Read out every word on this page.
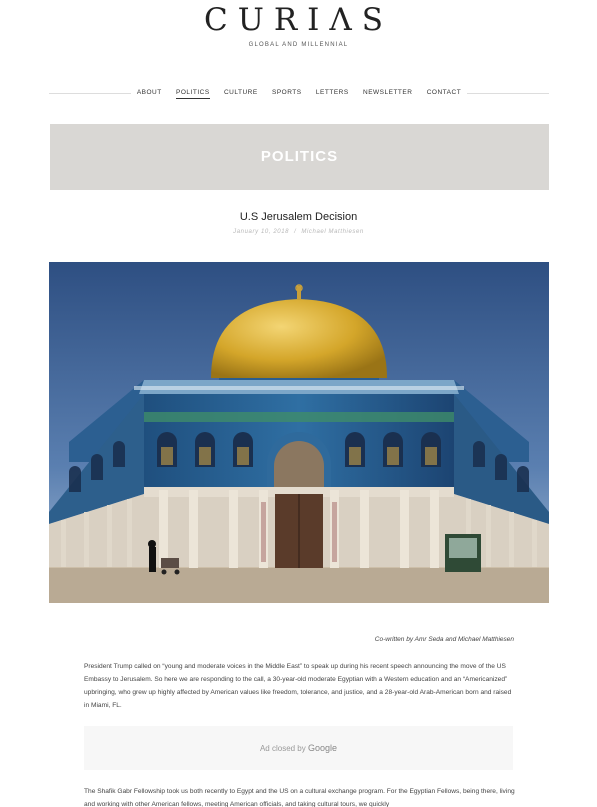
CURIΛS
GLOBAL AND MILLENNIAL
ABOUT POLITICS CULTURE SPORTS LETTERS NEWSLETTER CONTACT
POLITICS
U.S Jerusalem Decision
January 10, 2018 / Michael Matthiesen
Co-written by Amr Seda and Michael Matthiesen
President Trump called on “young and moderate voices in the Middle East” to speak up during his recent speech announcing the move of the US Embassy to Jerusalem. So here we are responding to the call, a 30-year-old moderate Egyptian with a Western education and an “Americanized” upbringing, who grew up highly affected by American values like freedom, tolerance, and justice, and a 28-year-old Arab-American born and raised in Miami, FL.
Ad closed by Google
The Shafik Gabr Fellowship took us both recently to Egypt and the US on a cultural exchange program. For the Egyptian Fellows, being there, living and working with other American fellows, meeting American officials, and taking cultural tours, we quickly
